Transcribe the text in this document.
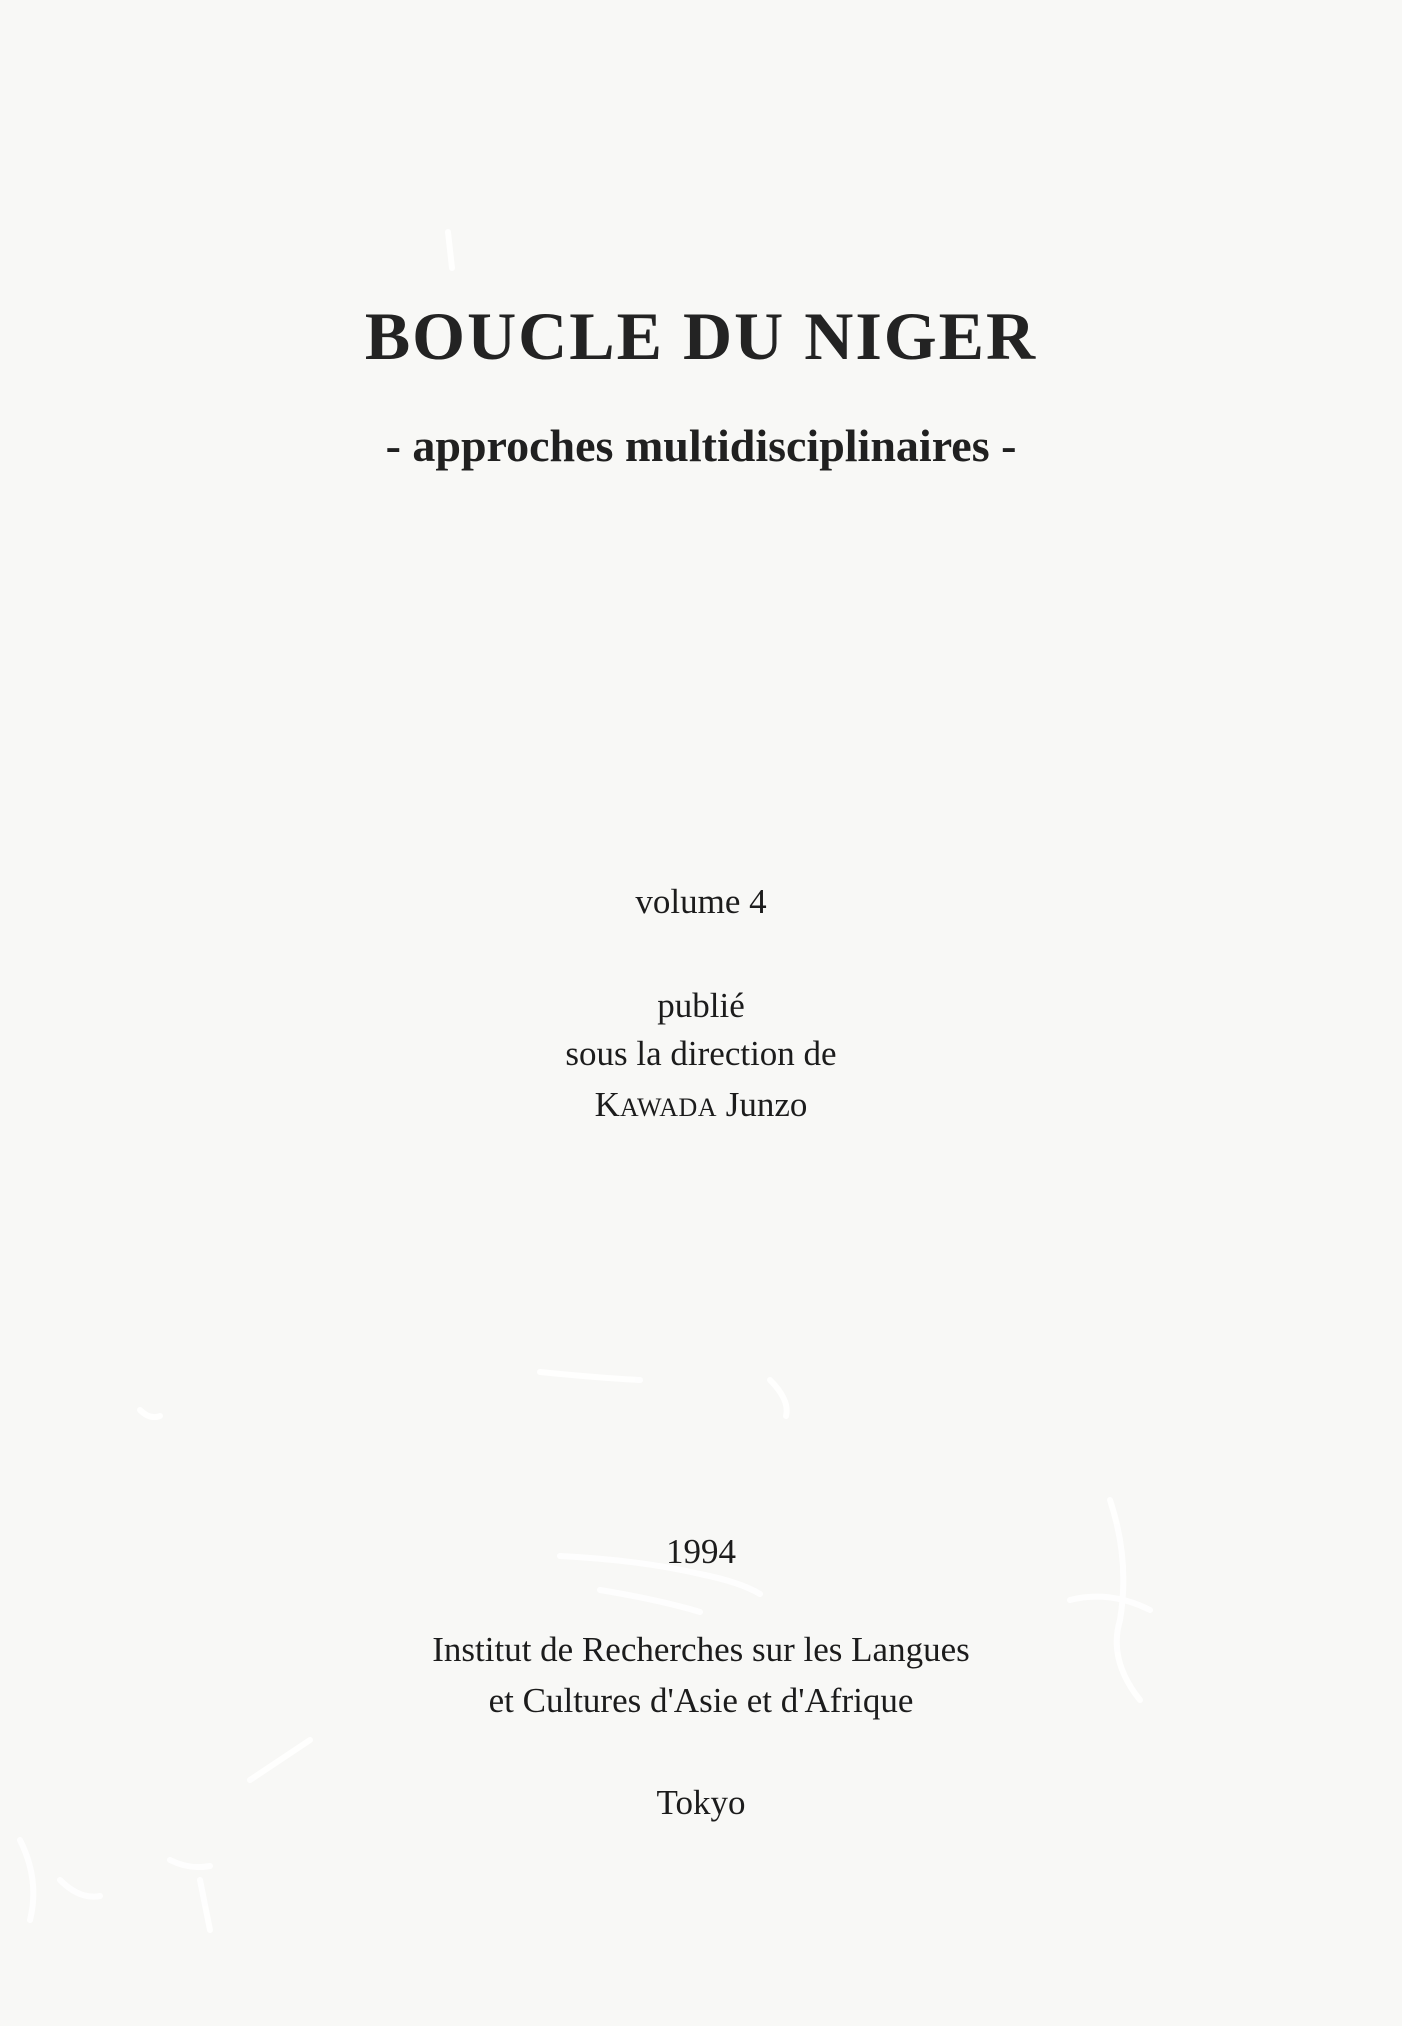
BOUCLE DU NIGER

- approches multidisciplinaires -

volume 4

publié

sous la direction de

KAWADA Junzo

1994

Institut de Recherches sur les Langues

et Cultures d'Asie et d'Afrique

Tokyo
